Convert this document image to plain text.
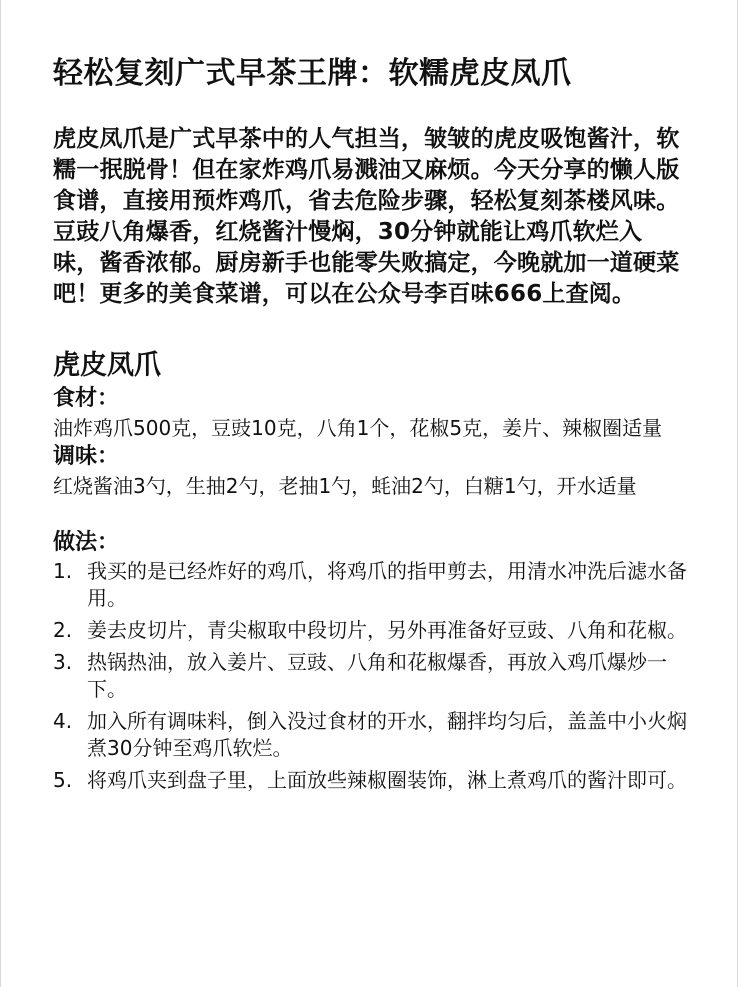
轻松复刻广式早茶王牌：软糯虎皮凤爪

虎皮凤爪是广式早茶中的人气担当，皱皱的虎皮吸饱酱汁，软糯一抿脱骨！但在家炸鸡爪易溅油又麻烦。今天分享的懒人版食谱，直接用预炸鸡爪，省去危险步骤，轻松复刻茶楼风味。豆豉八角爆香，红烧酱汁慢焖，30分钟就能让鸡爪软烂入味，酱香浓郁。厨房新手也能零失败搞定，今晚就加一道硬菜吧！更多的美食菜谱，可以在公众号李百味666上查阅。

虎皮凤爪

食材：

油炸鸡爪500克，豆豉10克，八角1个，花椒5克，姜片、辣椒圈适量

调味：

红烧酱油3勺，生抽2勺，老抽1勺，蚝油2勺，白糖1勺，开水适量

做法：

1. 我买的是已经炸好的鸡爪，将鸡爪的指甲剪去，用清水冲洗后滤水备用。
2. 姜去皮切片，青尖椒取中段切片，另外再准备好豆豉、八角和花椒。
3. 热锅热油，放入姜片、豆豉、八角和花椒爆香，再放入鸡爪爆炒一下。
4. 加入所有调味料，倒入没过食材的开水，翻拌均匀后，盖盖中小火焖煮30分钟至鸡爪软烂。
5. 将鸡爪夹到盘子里，上面放些辣椒圈装饰，淋上煮鸡爪的酱汁即可。
